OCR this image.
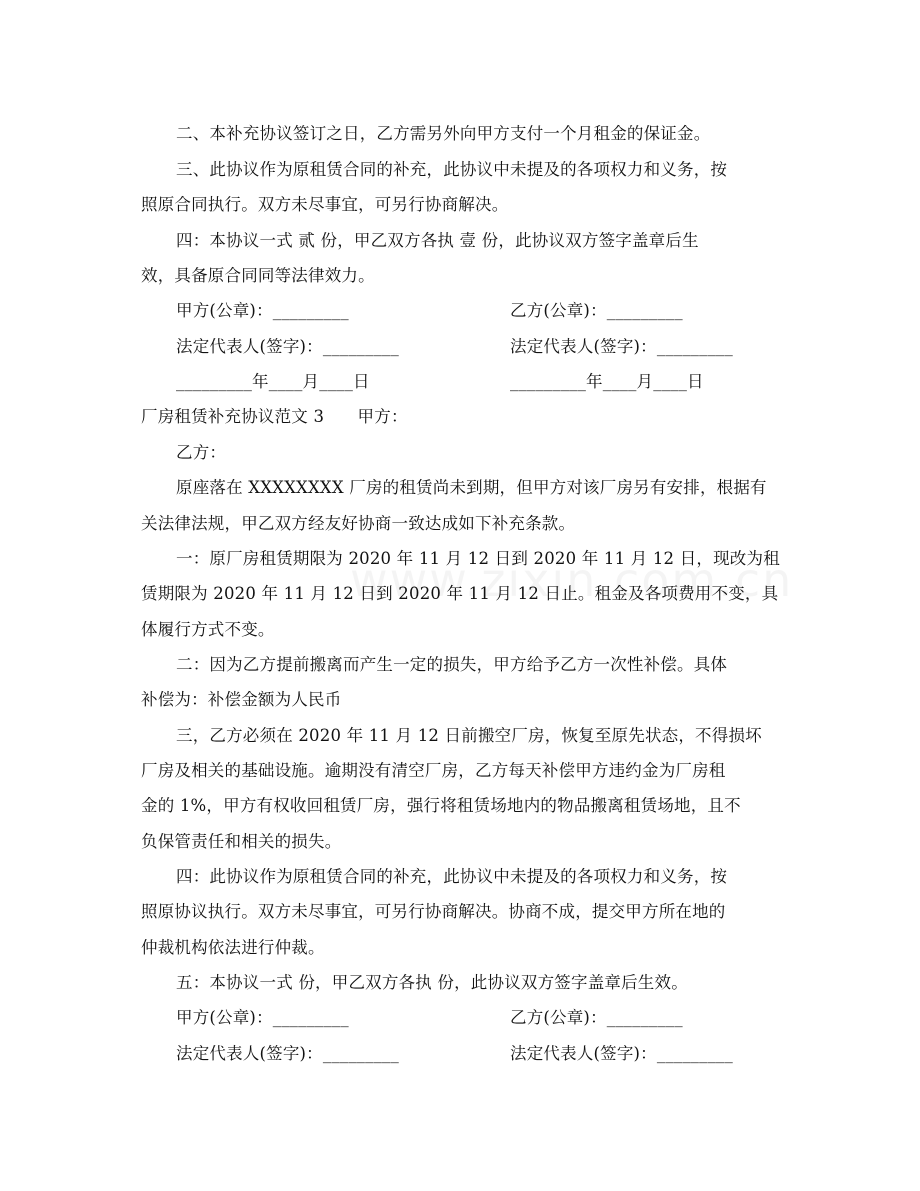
二、本补充协议签订之日，乙方需另外向甲方支付一个月租金的保证金。
三、此协议作为原租赁合同的补充，此协议中未提及的各项权力和义务，按
照原合同执行。双方未尽事宜，可另行协商解决。
四：本协议一式 贰 份，甲乙双方各执 壹 份，此协议双方签字盖章后生
效，具备原合同同等法律效力。
甲方(公章)：_________	乙方(公章)：_________
法定代表人(签字)：_________	法定代表人(签字)：_________
_________年____月____日	_________年____月____日
厂房租赁补充协议范文 3　　甲方：
乙方：
原座落在 XXXXXXXX 厂房的租赁尚未到期，但甲方对该厂房另有安排，根据有
关法律法规，甲乙双方经友好协商一致达成如下补充条款。
一：原厂房租赁期限为 2020 年 11 月 12 日到 2020 年 11 月 12 日，现改为租
赁期限为 2020 年 11 月 12 日到 2020 年 11 月 12 日止。租金及各项费用不变，具
体履行方式不变。
二：因为乙方提前搬离而产生一定的损失，甲方给予乙方一次性补偿。具体
补偿为：补偿金额为人民币
三，乙方必须在 2020 年 11 月 12 日前搬空厂房，恢复至原先状态，不得损坏
厂房及相关的基础设施。逾期没有清空厂房，乙方每天补偿甲方违约金为厂房租
金的 1%，甲方有权收回租赁厂房，强行将租赁场地内的物品搬离租赁场地，且不
负保管责任和相关的损失。
四：此协议作为原租赁合同的补充，此协议中未提及的各项权力和义务，按
照原协议执行。双方未尽事宜，可另行协商解决。协商不成，提交甲方所在地的
仲裁机构依法进行仲裁。
五：本协议一式 份，甲乙双方各执 份，此协议双方签字盖章后生效。
甲方(公章)：_________	乙方(公章)：_________
法定代表人(签字)：_________	法定代表人(签字)：_________
